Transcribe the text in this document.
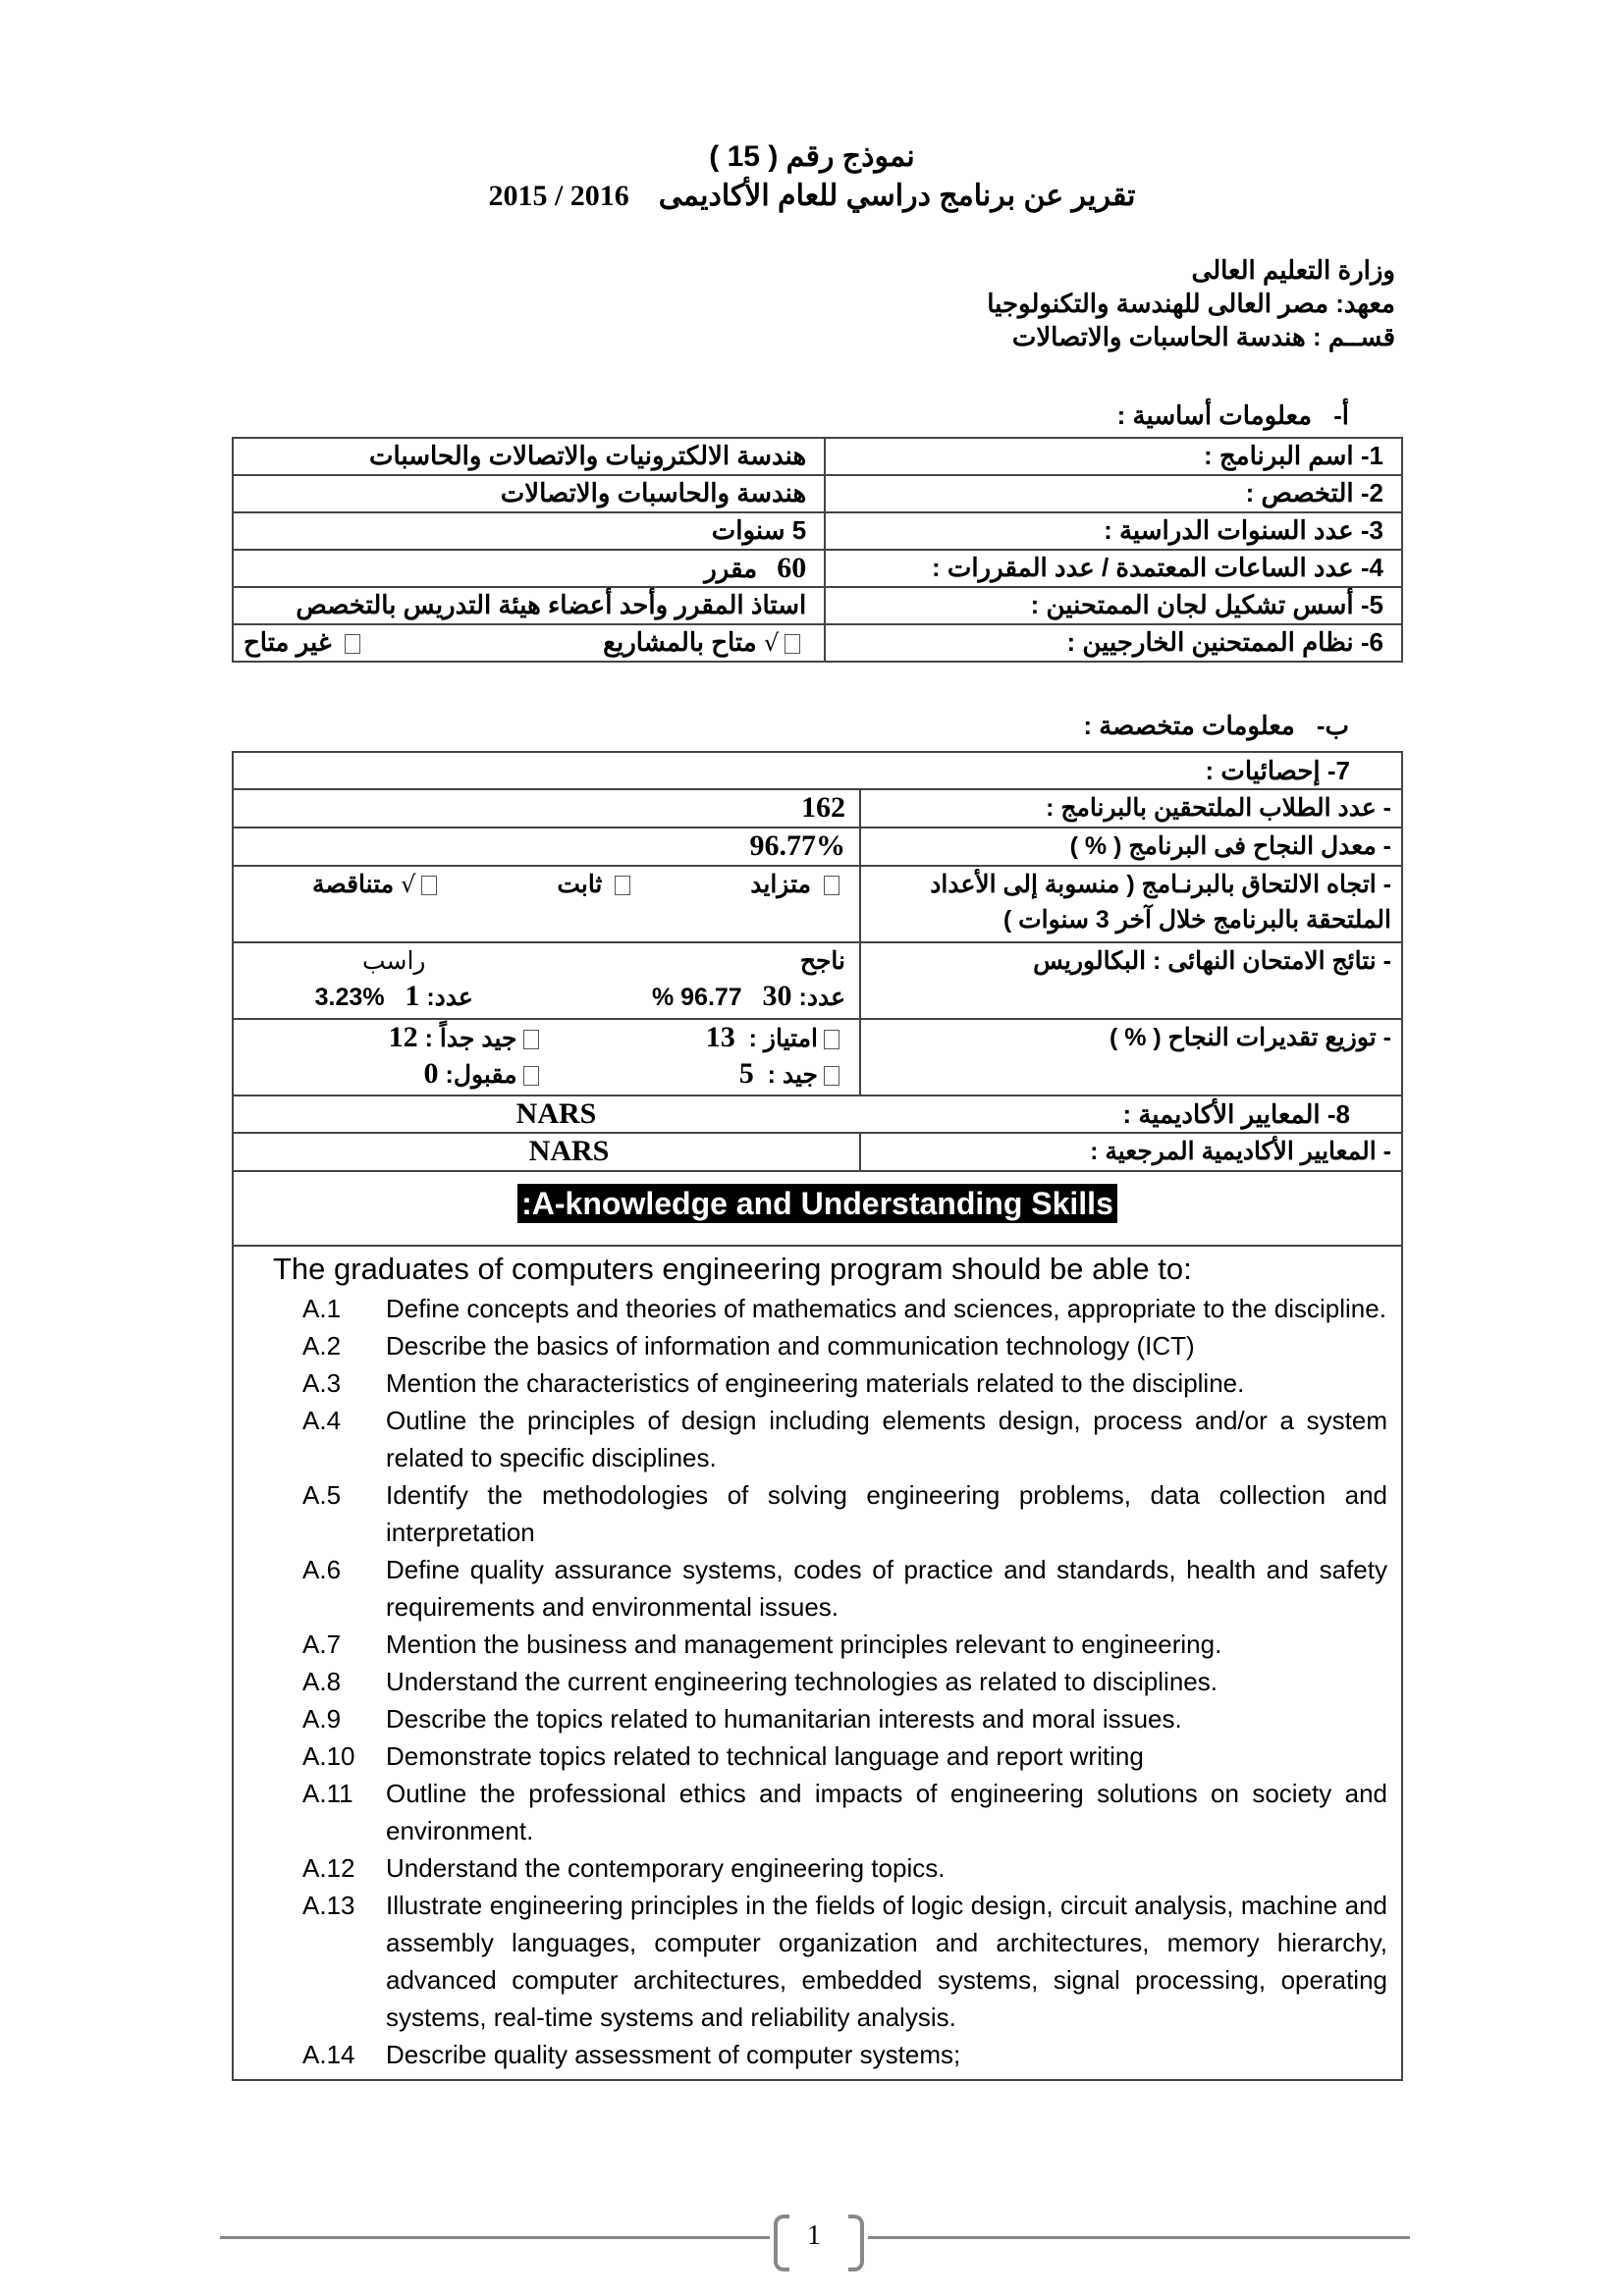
نموذج رقم ( 15 )
تقرير عن برنامج دراسي للعام الأكاديمى2016 / 2015
وزارة التعليم العالى
معهد: مصر العالى للهندسة والتكنولوجيا
قســم : هندسة الحاسبات والاتصالات
أ-معلومات أساسية :
1- اسم البرنامج :	هندسة الالكترونيات والاتصالات والحاسبات
2- التخصص :	هندسة والحاسبات والاتصالات
3- عدد السنوات الدراسية :	5 سنوات
4- عدد الساعات المعتمدة / عدد المقررات :	60مقرر
5- أسس تشكيل لجان الممتحنين :	استاذ المقرر وأحد أعضاء هيئة التدريس بالتخصص
6- نظام الممتحنين الخارجيين :	√ متاح بالمشاريع
غير متاح
ب-معلومات متخصصة :
7- إحصائيات :	
- عدد الطلاب الملتحقين بالبرنامج :	162
- معدل النجاح فى البرنامج ( % )	96.77%
- اتجاه الالتحاق بالبرنـامج ( منسوبة إلى الأعداد الملتحقة بالبرنامج خلال آخر 3 سنوات )	متزايد
ثابت
√ متناقصة

- نتائج الامتحان النهائى : البكالوريس	ناجح
عدد: 30   96.77 %
راسب
عدد: 1   %3.23

- توزيع تقديرات النجاح ( % )	امتياز :  13
جيد جداً : 12
جيد :  5
مقبول: 0

8- المعايير الأكاديمية :
NARS	

- المعايير الأكاديمية المرجعية :	NARS
A-knowledge and Understanding Skills:	

The graduates of computers engineering program should be able to:
A.1	Define concepts and theories of mathematics and sciences, appropriate to the discipline.
A.2	Describe the basics of information and communication technology (ICT)
A.3	Mention the characteristics of engineering materials related to the discipline.
A.4	Outline the principles of design including elements design, process and/or a system related to specific disciplines.
A.5	Identify the methodologies of solving engineering problems, data collection and interpretation
A.6	Define quality assurance systems, codes of practice and standards, health and safety requirements and environmental issues.
A.7	Mention the business and management principles relevant to engineering.
A.8	Understand the current engineering technologies as related to disciplines.
A.9	Describe the topics related to humanitarian interests and moral issues.
A.10	Demonstrate topics related to technical language and report writing
A.11	Outline the professional ethics and impacts of engineering solutions on society and environment.
A.12	Understand the contemporary engineering topics.
A.13	Illustrate engineering principles in the fields of logic design, circuit analysis, machine and assembly languages, computer organization and architectures, memory hierarchy, advanced computer architectures, embedded systems, signal processing, operating systems, real-time systems and reliability analysis.
A.14	Describe quality assessment of computer systems;
1
